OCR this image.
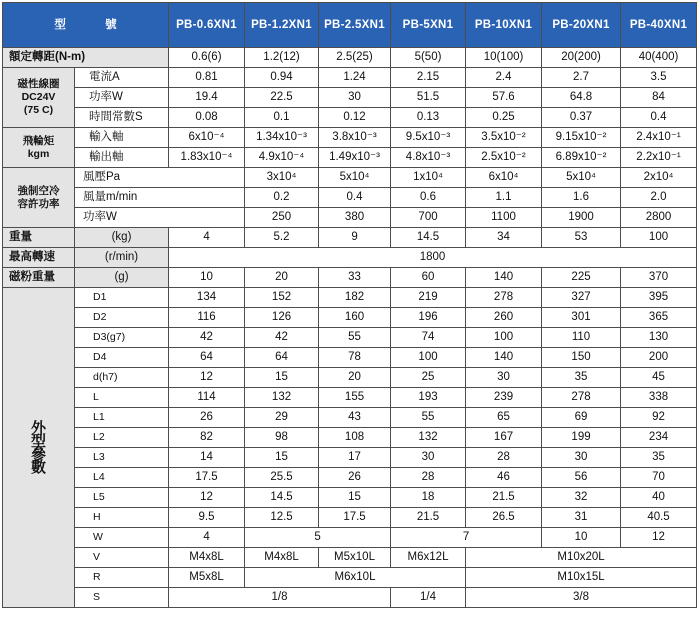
型 號		PB-0.6XN1	PB-1.2XN1	PB-2.5XN1	PB-5XN1	PB-10XN1	PB-20XN1	PB-40XN1
額定轉距(N-m)		0.6(6)	1.2(12)	2.5(25)	5(50)	10(100)	20(200)	40(400)
磁性線圈
DC24V
(75 C)	電流A	0.81	0.94	1.24	2.15	2.4	2.7	3.5
	功率W	19.4	22.5	30	51.5	57.6	64.8	84
	時間常數S	0.08	0.1	0.12	0.13	0.25	0.37	0.4
飛輪矩
kgm	輸入軸	6x10⁻⁴	1.34x10⁻³	3.8x10⁻³	9.5x10⁻³	3.5x10⁻²	9.15x10⁻²	2.4x10⁻¹
	輸出軸	1.83x10⁻⁴	4.9x10⁻⁴	1.49x10⁻³	4.8x10⁻³	2.5x10⁻²	6.89x10⁻²	2.2x10⁻¹
強制空冷
容許功率	風壓Pa		3x10⁴	5x10⁴	1x10⁴	6x10⁴	5x10⁴	2x10⁴
	風量m/min		0.2	0.4	0.6	1.1	1.6	2.0
	功率W		250	380	700	1100	1900	2800
重量	(kg)	4	5.2	9	14.5	34	53	100
最高轉速	(r/min)	1800						
磁粉重量	(g)	10	20	33	60	140	225	370

外
型
參
數	D1	134	152	182	219	278	327	395
	D2	116	126	160	196	260	301	365
	D3(g7)	42	42	55	74	100	110	130
	D4	64	64	78	100	140	150	200
	d(h7)	12	15	20	25	30	35	45
	L	114	132	155	193	239	278	338
	L1	26	29	43	55	65	69	92
	L2	82	98	108	132	167	199	234
	L3	14	15	17	30	28	30	35
	L4	17.5	25.5	26	28	46	56	70
	L5	12	14.5	15	18	21.5	32	40
	H	9.5	12.5	17.5	21.5	26.5	31	40.5
	W	4	5		7		10	12
	V	M4x8L	M4x8L	M5x10L	M6x12L	M10x20L		
	R	M5x8L	M6x10L			M10x15L		
	S	1/8			1/4	3/8		
